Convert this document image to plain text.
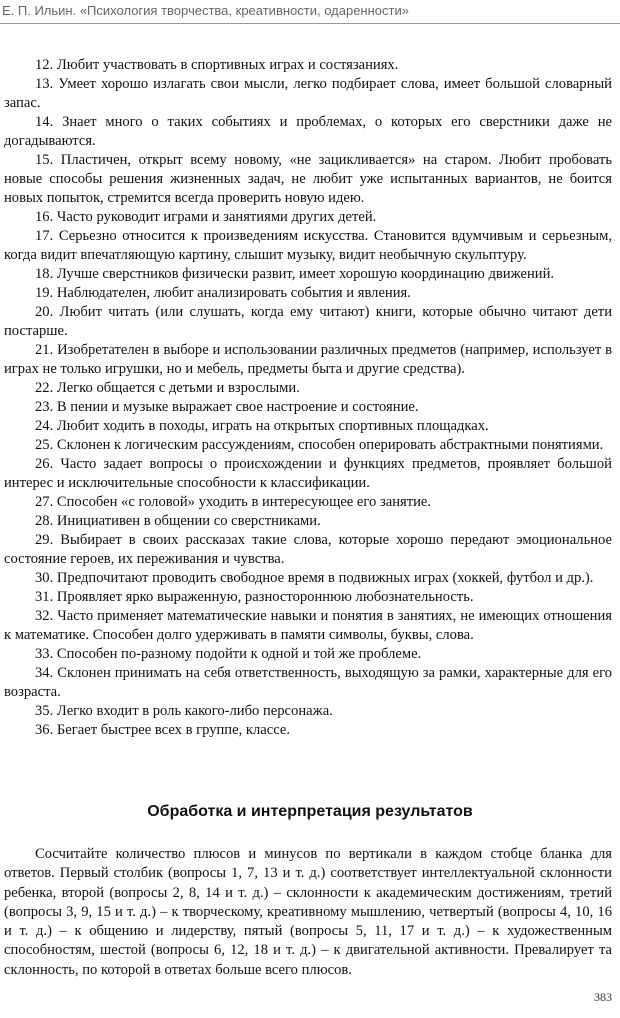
Е. П. Ильин. «Психология творчества, креативности, одаренности»

12. Любит участвовать в спортивных играх и состязаниях.

13. Умеет хорошо излагать свои мысли, легко подбирает слова, имеет большой словарный запас.

14. Знает много о таких событиях и проблемах, о которых его сверстники даже не догадываются.

15. Пластичен, открыт всему новому, «не зацикливается» на старом. Любит пробовать новые способы решения жизненных задач, не любит уже испытанных вариантов, не боится новых попыток, стремится всегда проверить новую идею.

16. Часто руководит играми и занятиями других детей.

17. Серьезно относится к произведениям искусства. Становится вдумчивым и серьезным, когда видит впечатляющую картину, слышит музыку, видит необычную скульптуру.

18. Лучше сверстников физически развит, имеет хорошую координацию движений.

19. Наблюдателен, любит анализировать события и явления.

20. Любит читать (или слушать, когда ему читают) книги, которые обычно читают дети постарше.

21. Изобретателен в выборе и использовании различных предметов (например, использует в играх не только игрушки, но и мебель, предметы быта и другие средства).

22. Легко общается с детьми и взрослыми.

23. В пении и музыке выражает свое настроение и состояние.

24. Любит ходить в походы, играть на открытых спортивных площадках.

25. Склонен к логическим рассуждениям, способен оперировать абстрактными понятиями.

26. Часто задает вопросы о происхождении и функциях предметов, проявляет большой интерес и исключительные способности к классификации.

27. Способен «с головой» уходить в интересующее его занятие.

28. Инициативен в общении со сверстниками.

29. Выбирает в своих рассказах такие слова, которые хорошо передают эмоциональное состояние героев, их переживания и чувства.

30. Предпочитают проводить свободное время в подвижных играх (хоккей, футбол и др.).

31. Проявляет ярко выраженную, разностороннюю любознательность.

32. Часто применяет математические навыки и понятия в занятиях, не имеющих отношения к математике. Способен долго удерживать в памяти символы, буквы, слова.

33. Способен по-разному подойти к одной и той же проблеме.

34. Склонен принимать на себя ответственность, выходящую за рамки, характерные для его возраста.

35. Легко входит в роль какого-либо персонажа.

36. Бегает быстрее всех в группе, классе.

Обработка и интерпретация результатов

Сосчитайте количество плюсов и минусов по вертикали в каждом стобце бланка для ответов. Первый столбик (вопросы 1, 7, 13 и т. д.) соответствует интеллектуальной склонности ребенка, второй (вопросы 2, 8, 14 и т. д.) – склонности к академическим достижениям, третий (вопросы 3, 9, 15 и т. д.) – к творческому, креативному мышлению, четвертый (вопросы 4, 10, 16 и т. д.) – к общению и лидерству, пятый (вопросы 5, 11, 17 и т. д.) – к художественным способностям, шестой (вопросы 6, 12, 18 и т. д.) – к двигательной активности. Превалирует та склонность, по которой в ответах больше всего плюсов.

383
